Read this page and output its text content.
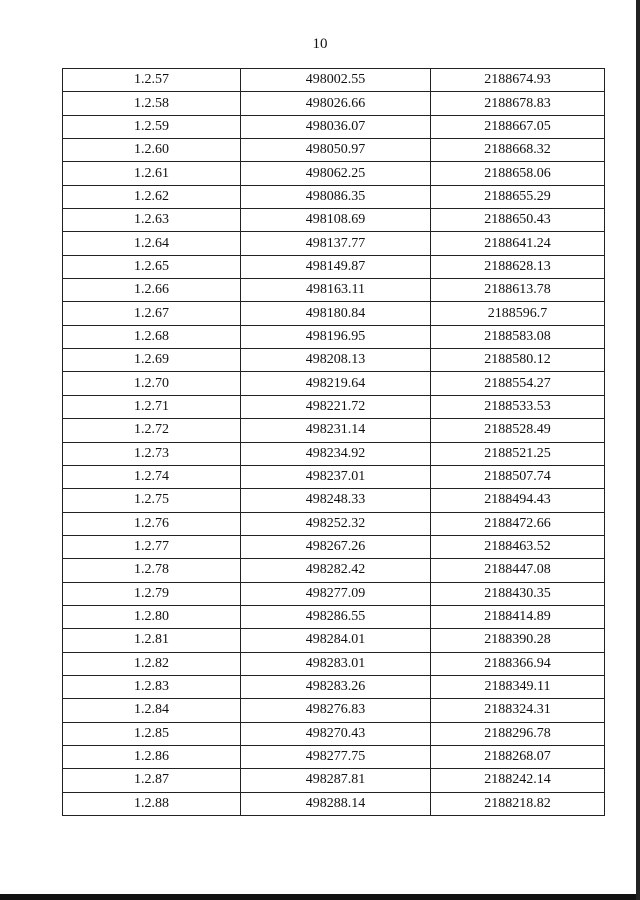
10
1.2.57	498002.55	2188674.93
1.2.58	498026.66	2188678.83
1.2.59	498036.07	2188667.05
1.2.60	498050.97	2188668.32
1.2.61	498062.25	2188658.06
1.2.62	498086.35	2188655.29
1.2.63	498108.69	2188650.43
1.2.64	498137.77	2188641.24
1.2.65	498149.87	2188628.13
1.2.66	498163.11	2188613.78
1.2.67	498180.84	2188596.7
1.2.68	498196.95	2188583.08
1.2.69	498208.13	2188580.12
1.2.70	498219.64	2188554.27
1.2.71	498221.72	2188533.53
1.2.72	498231.14	2188528.49
1.2.73	498234.92	2188521.25
1.2.74	498237.01	2188507.74
1.2.75	498248.33	2188494.43
1.2.76	498252.32	2188472.66
1.2.77	498267.26	2188463.52
1.2.78	498282.42	2188447.08
1.2.79	498277.09	2188430.35
1.2.80	498286.55	2188414.89
1.2.81	498284.01	2188390.28
1.2.82	498283.01	2188366.94
1.2.83	498283.26	2188349.11
1.2.84	498276.83	2188324.31
1.2.85	498270.43	2188296.78
1.2.86	498277.75	2188268.07
1.2.87	498287.81	2188242.14
1.2.88	498288.14	2188218.82
